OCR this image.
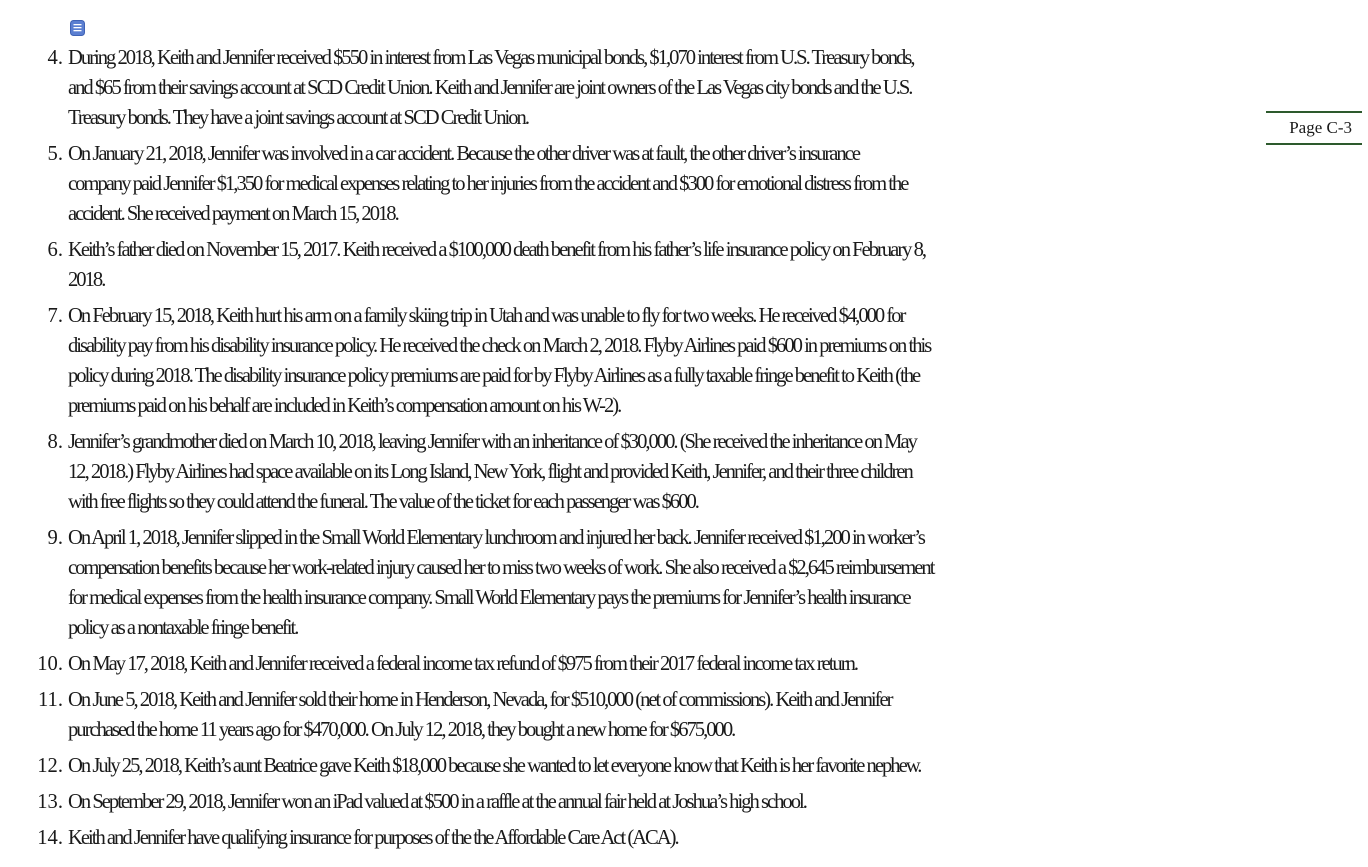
Page C-3
4. During 2018, Keith and Jennifer received $550 in interest from Las Vegas municipal bonds, $1,070 interest from U.S. Treasury bonds,
and $65 from their savings account at SCD Credit Union. Keith and Jennifer are joint owners of the Las Vegas city bonds and the U.S.
Treasury bonds. They have a joint savings account at SCD Credit Union.
5. On January 21, 2018, Jennifer was involved in a car accident. Because the other driver was at fault, the other driver’s insurance
company paid Jennifer $1,350 for medical expenses relating to her injuries from the accident and $300 for emotional distress from the
accident. She received payment on March 15, 2018.
6. Keith’s father died on November 15, 2017. Keith received a $100,000 death benefit from his father’s life insurance policy on February 8,
2018.
7. On February 15, 2018, Keith hurt his arm on a family skiing trip in Utah and was unable to fly for two weeks. He received $4,000 for
disability pay from his disability insurance policy. He received the check on March 2, 2018. Flyby Airlines paid $600 in premiums on this
policy during 2018. The disability insurance policy premiums are paid for by Flyby Airlines as a fully taxable fringe benefit to Keith (the
premiums paid on his behalf are included in Keith’s compensation amount on his W-2).
8. Jennifer’s grandmother died on March 10, 2018, leaving Jennifer with an inheritance of $30,000. (She received the inheritance on May
12, 2018.) Flyby Airlines had space available on its Long Island, New York, flight and provided Keith, Jennifer, and their three children
with free flights so they could attend the funeral. The value of the ticket for each passenger was $600.
9. On April 1, 2018, Jennifer slipped in the Small World Elementary lunchroom and injured her back. Jennifer received $1,200 in worker’s
compensation benefits because her work-related injury caused her to miss two weeks of work. She also received a $2,645 reimbursement
for medical expenses from the health insurance company. Small World Elementary pays the premiums for Jennifer’s health insurance
policy as a nontaxable fringe benefit.
10. On May 17, 2018, Keith and Jennifer received a federal income tax refund of $975 from their 2017 federal income tax return.
11. On June 5, 2018, Keith and Jennifer sold their home in Henderson, Nevada, for $510,000 (net of commissions). Keith and Jennifer
purchased the home 11 years ago for $470,000. On July 12, 2018, they bought a new home for $675,000.
12. On July 25, 2018, Keith’s aunt Beatrice gave Keith $18,000 because she wanted to let everyone know that Keith is her favorite nephew.
13. On September 29, 2018, Jennifer won an iPad valued at $500 in a raffle at the annual fair held at Joshua’s high school.
14. Keith and Jennifer have qualifying insurance for purposes of the the Affordable Care Act (ACA).
